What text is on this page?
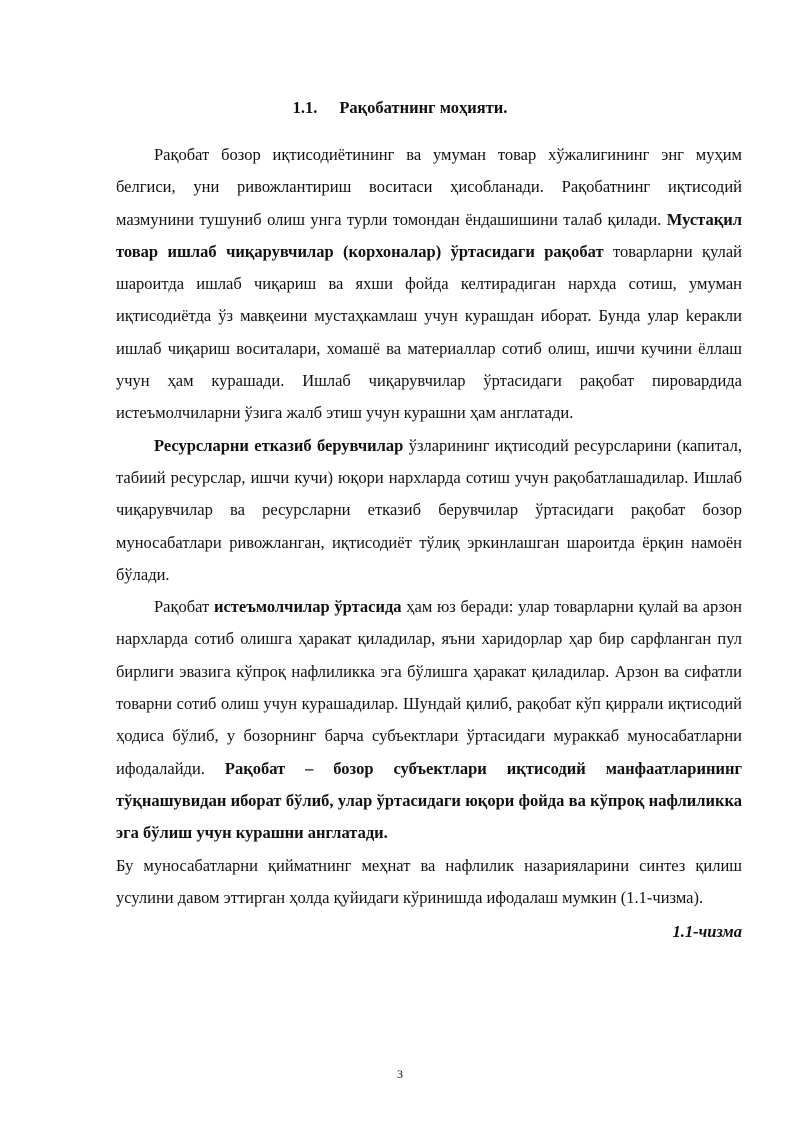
1.1. Рақобатнинг моҳияти.

Рақобат бозор иқтисодиётининг ва умуман товар хўжалигининг энг муҳим белгиси, уни ривожлантириш воситаси ҳисобланади. Рақобатнинг иқтисодий мазмунини тушуниб олиш унга турли томондан ёндашишини талаб қилади. Мустақил товар ишлаб чиқарувчилар (корхоналар) ўртасидаги рақобат товарларни қулай шароитда ишлаб чиқариш ва яхши фойда келтирадиган нархда сотиш, умуман иқтисодиётда ўз мавқеини мустаҳкамлаш учун курашдан иборат. Бунда улар keракли ишлаб чиқариш воситалари, хомашё ва материаллар сотиб олиш, ишчи кучини ёллаш учун ҳам курашади. Ишлаб чиқарувчилар ўртасидаги рақобат пировардида истеъмолчиларни ўзига жалб этиш учун курашни ҳам англатади.

Ресурсларни етказиб берувчилар ўзларининг иқтисодий ресурсларини (капитал, табиий ресурслар, ишчи кучи) юқори нархларда сотиш учун рақобатлашадилар. Ишлаб чиқарувчилар ва ресурсларни етказиб берувчилар ўртасидаги рақобат бозор муносабатлари ривожланган, иқтисодиёт тўлиқ эркинлашган шароитда ёрқин намоён бўлади.

Рақобат истеъмолчилар ўртасида ҳам юз беради: улар товарларни қулай ва арзон нархларда сотиб олишга ҳаракат қиладилар, яъни харидорлар ҳар бир сарфланган пул бирлиги эвазига кўпроқ нафлиликка эга бўлишга ҳаракат қиладилар. Арзон ва сифатли товарни сотиб олиш учун курашадилар. Шундай қилиб, рақобат кўп қиррали иқтисодий ҳодиса бўлиб, у бозорнинг барча субъектлари ўртасидаги мураккаб муносабатларни ифодалайди. Рақобат – бозор субъектлари иқтисодий манфаатларининг тўқнашувидан иборат бўлиб, улар ўртасидаги юқори фойда ва кўпроқ нафлиликка эга бўлиш учун курашни англатади.

Бу муносабатларни қийматнинг меҳнат ва нафлилик назарияларини синтез қилиш усулини давом эттирган ҳолда қуйидаги кўринишда ифодалаш мумкин (1.1-чизма).

1.1-чизма
3
